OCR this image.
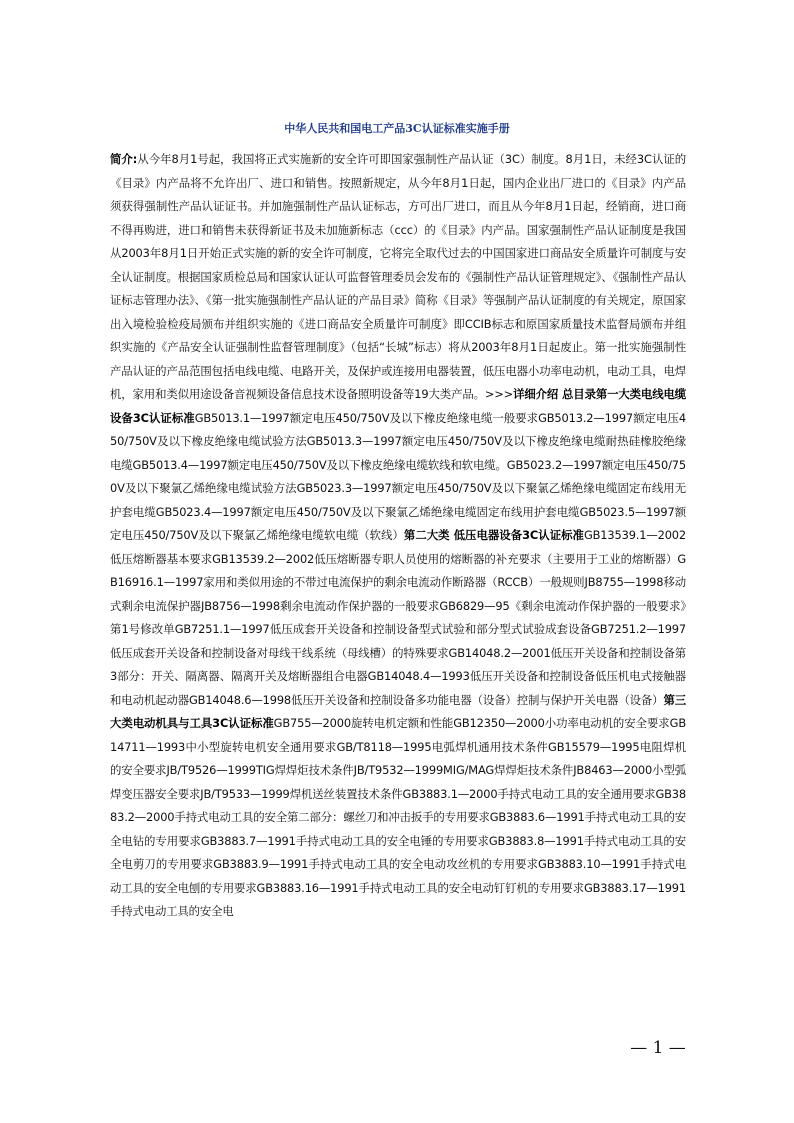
中华人民共和国电工产品3C认证标准实施手册
简介:从今年8月1号起，我国将正式实施新的安全许可即国家强制性产品认证（3C）制度。8月1日，未经3C认证的《目录》内产品将不允许出厂、进口和销售。按照新规定，从今年8月1日起，国内企业出厂进口的《目录》内产品须获得强制性产品认证证书。并加施强制性产品认证标志，方可出厂进口，而且从今年8月1日起，经销商，进口商不得再购进，进口和销售未获得新证书及未加施新标志（ccc）的《目录》内产品。国家强制性产品认证制度是我国从2003年8月1日开始正式实施的新的安全许可制度，它将完全取代过去的中国国家进口商品安全质量许可制度与安全认证制度。根据国家质检总局和国家认证认可监督管理委员会发布的《强制性产品认证管理规定》、《强制性产品认证标志管理办法》、《第一批实施强制性产品认证的产品目录》简称《目录》等强制产品认证制度的有关规定，原国家出入境检验检疫局颁布并组织实施的《进口商品安全质量许可制度》即CCIB标志和原国家质量技术监督局颁布并组织实施的《产品安全认证强制性监督管理制度》（包括“长城”标志）将从2003年8月1日起废止。第一批实施强制性产品认证的产品范围包括电线电缆、电路开关，及保护或连接用电器装置，低压电器小功率电动机，电动工具，电焊机，家用和类似用途设备音视频设备信息技术设备照明设备等19大类产品。>>>详细介绍 总目录第一大类电线电缆设备3C认证标准GB5013.1—1997额定电压450/750V及以下橡皮绝缘电缆一般要求GB5013.2—1997额定电压450/750V及以下橡皮绝缘电缆试验方法GB5013.3—1997额定电压450/750V及以下橡皮绝缘电缆耐热硅橡胶绝缘电缆GB5013.4—1997额定电压450/750V及以下橡皮绝缘电缆软线和软电缆。GB5023.2—1997额定电压450/750V及以下聚氯乙烯绝缘电缆试验方法GB5023.3—1997额定电压450/750V及以下聚氯乙烯绝缘电缆固定布线用无护套电缆GB5023.4—1997额定电压450/750V及以下聚氯乙烯绝缘电缆固定布线用护套电缆GB5023.5—1997额定电压450/750V及以下聚氯乙烯绝缘电缆软电缆（软线）第二大类 低压电器设备3C认证标准GB13539.1—2002低压熔断器基本要求GB13539.2—2002低压熔断器专职人员使用的熔断器的补充要求（主要用于工业的熔断器）GB16916.1—1997家用和类似用途的不带过电流保护的剩余电流动作断路器（RCCB）一般规则JB8755—1998移动式剩余电流保护器JB8756—1998剩余电流动作保护器的一般要求GB6829—95《剩余电流动作保护器的一般要求》第1号修改单GB7251.1—1997低压成套开关设备和控制设备型式试验和部分型式试验成套设备GB7251.2—1997低压成套开关设备和控制设备对母线干线系统（母线槽）的特殊要求GB14048.2—2001低压开关设备和控制设备第3部分：开关、隔离器、隔离开关及熔断器组合电器GB14048.4—1993低压开关设备和控制设备低压机电式接触器和电动机起动器GB14048.6—1998低压开关设备和控制设备多功能电器（设备）控制与保护开关电器（设备）第三大类电动机具与工具3C认证标准GB755—2000旋转电机定额和性能GB12350—2000小功率电动机的安全要求GB14711—1993中小型旋转电机安全通用要求GB/T8118—1995电弧焊机通用技术条件GB15579—1995电阻焊机的安全要求JB/T9526—1999TIG焊焊炬技术条件JB/T9532—1999MIG/MAG焊焊炬技术条件JB8463—2000小型弧焊变压器安全要求JB/T9533—1999焊机送丝装置技术条件GB3883.1—2000手持式电动工具的安全通用要求GB3883.2—2000手持式电动工具的安全第二部分：螺丝刀和冲击扳手的专用要求GB3883.6—1991手持式电动工具的安全电钻的专用要求GB3883.7—1991手持式电动工具的安全电锤的专用要求GB3883.8—1991手持式电动工具的安全电剪刀的专用要求GB3883.9—1991手持式电动工具的安全电动攻丝机的专用要求GB3883.10—1991手持式电动工具的安全电刨的专用要求GB3883.16—1991手持式电动工具的安全电动钉钉机的专用要求GB3883.17—1991手持式电动工具的安全电
— 1 —
